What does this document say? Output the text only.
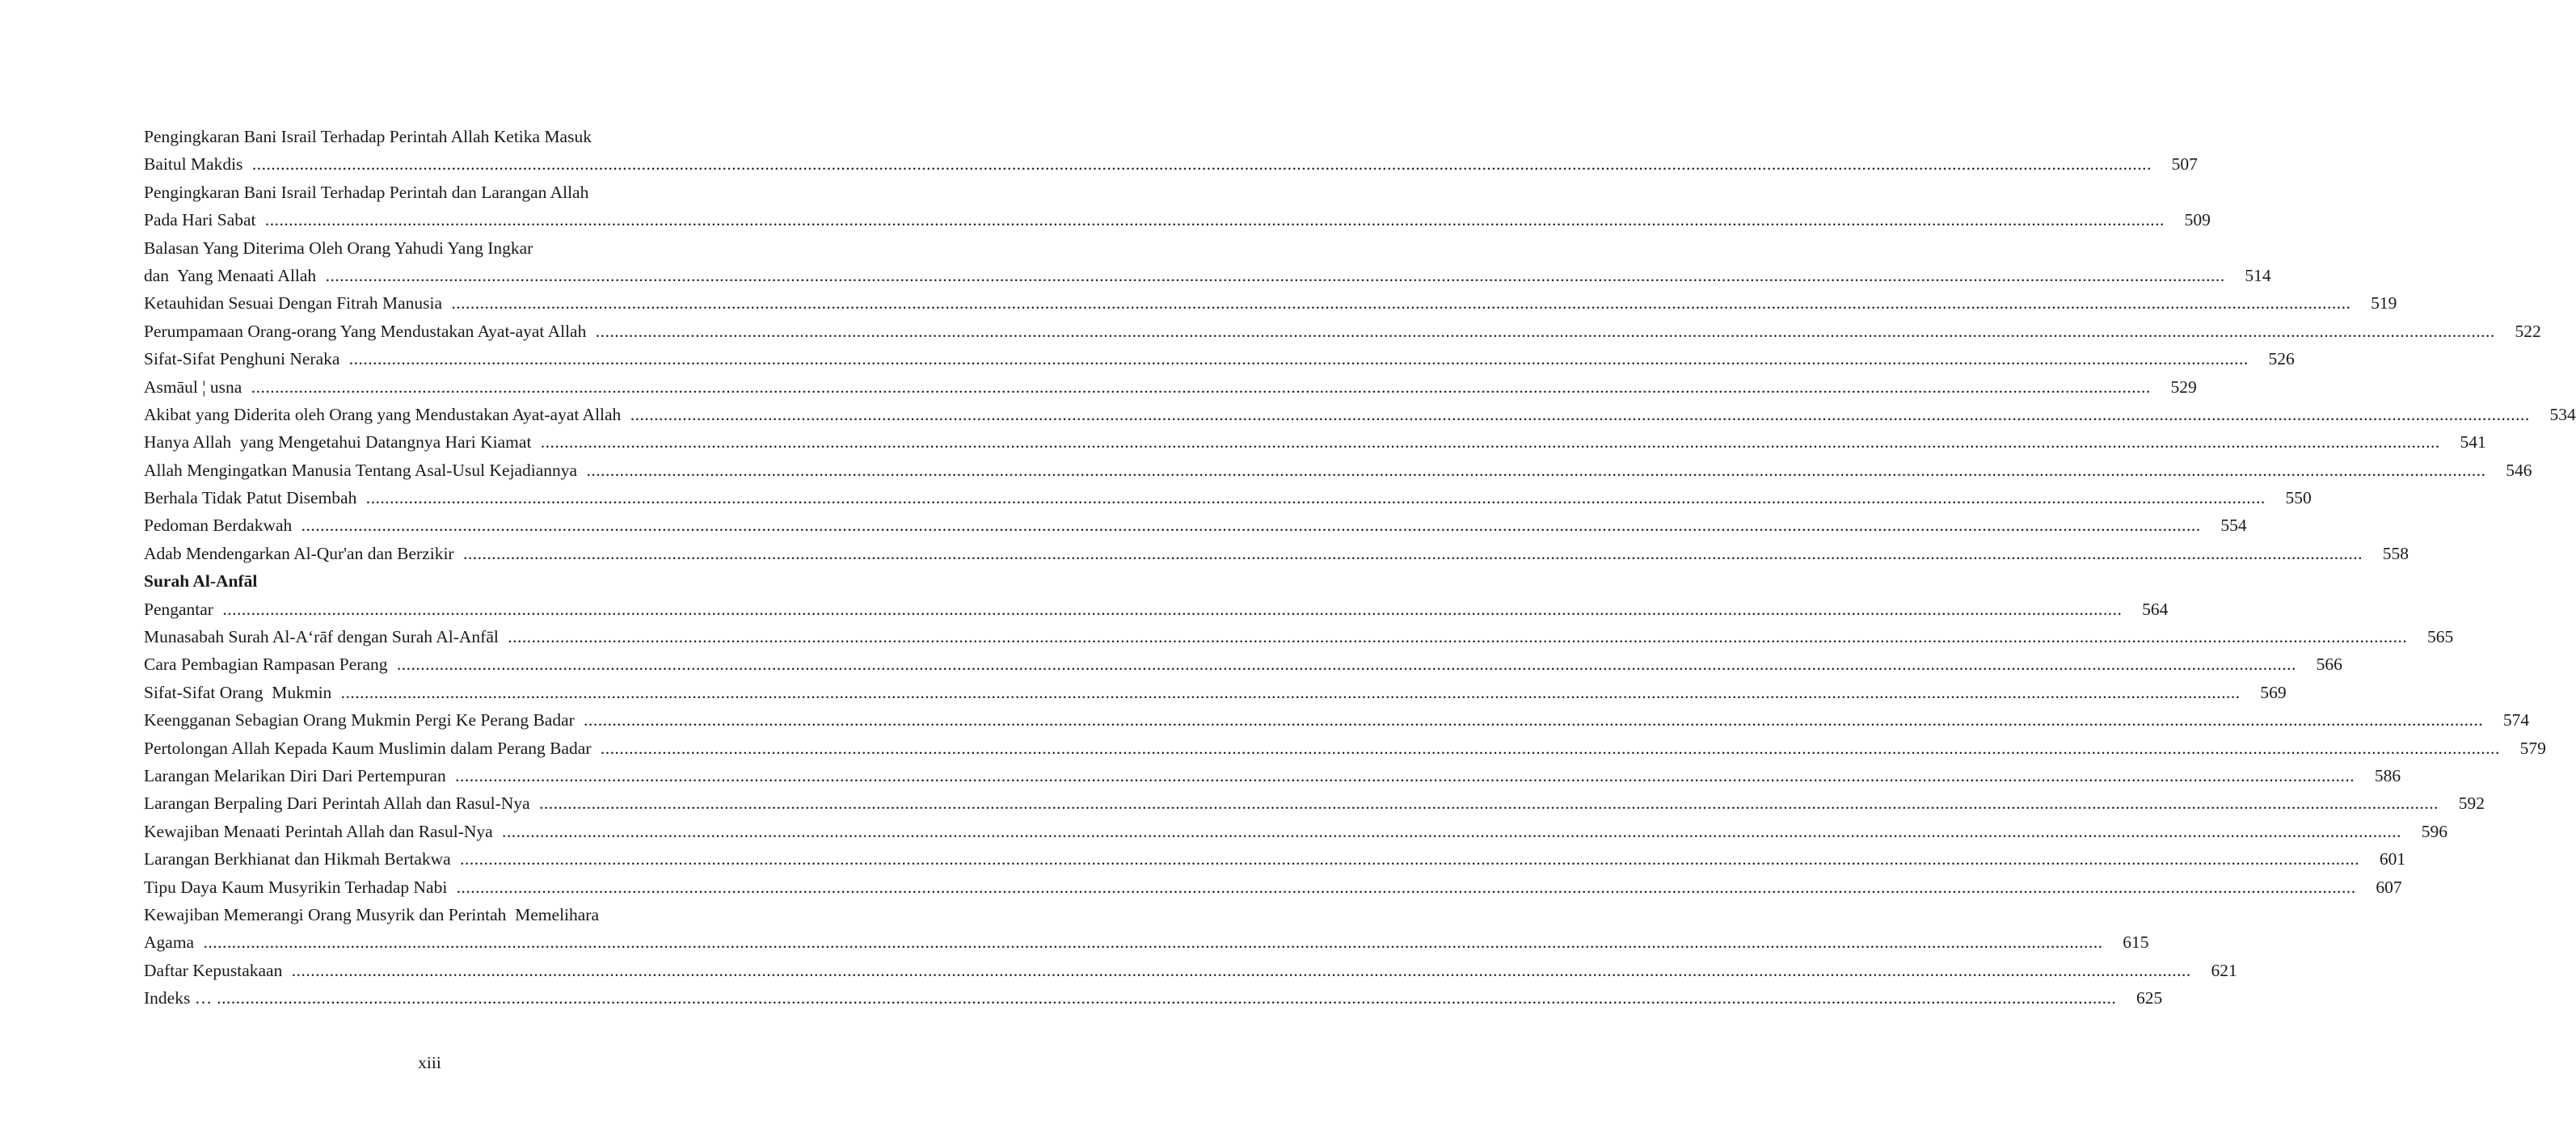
Pengingkaran Bani Israil Terhadap Perintah Allah Ketika Masuk
Baitul Makdis ................................................................................................................................................................................................................................................................................................................................................................................................................ 507
Pengingkaran Bani Israil Terhadap Perintah dan Larangan Allah
Pada Hari Sabat ................................................................................................................................................................................................................................................................................................................................................................................................................ 509
Balasan Yang Diterima Oleh Orang Yahudi Yang Ingkar
dan  Yang Menaati Allah ................................................................................................................................................................................................................................................................................................................................................................................................................ 514
Ketauhidan Sesuai Dengan Fitrah Manusia ................................................................................................................................................................................................................................................................................................................................................................................................................ 519
Perumpamaan Orang-orang Yang Mendustakan Ayat-ayat Allah ................................................................................................................................................................................................................................................................................................................................................................................................................ 522
Sifat-Sifat Penghuni Neraka ................................................................................................................................................................................................................................................................................................................................................................................................................ 526
Asmāul ¦ usna ................................................................................................................................................................................................................................................................................................................................................................................................................ 529
Akibat yang Diderita oleh Orang yang Mendustakan Ayat-ayat Allah ................................................................................................................................................................................................................................................................................................................................................................................................................ 534
Hanya Allah  yang Mengetahui Datangnya Hari Kiamat ................................................................................................................................................................................................................................................................................................................................................................................................................ 541
Allah Mengingatkan Manusia Tentang Asal-Usul Kejadiannya ................................................................................................................................................................................................................................................................................................................................................................................................................ 546
Berhala Tidak Patut Disembah ................................................................................................................................................................................................................................................................................................................................................................................................................ 550
Pedoman Berdakwah ................................................................................................................................................................................................................................................................................................................................................................................................................ 554
Adab Mendengarkan Al-Qur'an dan Berzikir ................................................................................................................................................................................................................................................................................................................................................................................................................ 558
Surah Al-Anfāl
Pengantar ................................................................................................................................................................................................................................................................................................................................................................................................................ 564
Munasabah Surah Al-A‘rāf dengan Surah Al-Anfāl ................................................................................................................................................................................................................................................................................................................................................................................................................ 565
Cara Pembagian Rampasan Perang ................................................................................................................................................................................................................................................................................................................................................................................................................ 566
Sifat-Sifat Orang  Mukmin ................................................................................................................................................................................................................................................................................................................................................................................................................ 569
Keengganan Sebagian Orang Mukmin Pergi Ke Perang Badar ................................................................................................................................................................................................................................................................................................................................................................................................................ 574
Pertolongan Allah Kepada Kaum Muslimin dalam Perang Badar ................................................................................................................................................................................................................................................................................................................................................................................................................ 579
Larangan Melarikan Diri Dari Pertempuran ................................................................................................................................................................................................................................................................................................................................................................................................................ 586
Larangan Berpaling Dari Perintah Allah dan Rasul-Nya ................................................................................................................................................................................................................................................................................................................................................................................................................ 592
Kewajiban Menaati Perintah Allah dan Rasul-Nya ................................................................................................................................................................................................................................................................................................................................................................................................................ 596
Larangan Berkhianat dan Hikmah Bertakwa ................................................................................................................................................................................................................................................................................................................................................................................................................ 601
Tipu Daya Kaum Musyrikin Terhadap Nabi ................................................................................................................................................................................................................................................................................................................................................................................................................ 607
Kewajiban Memerangi Orang Musyrik dan Perintah  Memelihara
Agama ................................................................................................................................................................................................................................................................................................................................................................................................................ 615
Daftar Kepustakaan ................................................................................................................................................................................................................................................................................................................................................................................................................ 621
Indeks … ................................................................................................................................................................................................................................................................................................................................................................................................................ 625
xiii
